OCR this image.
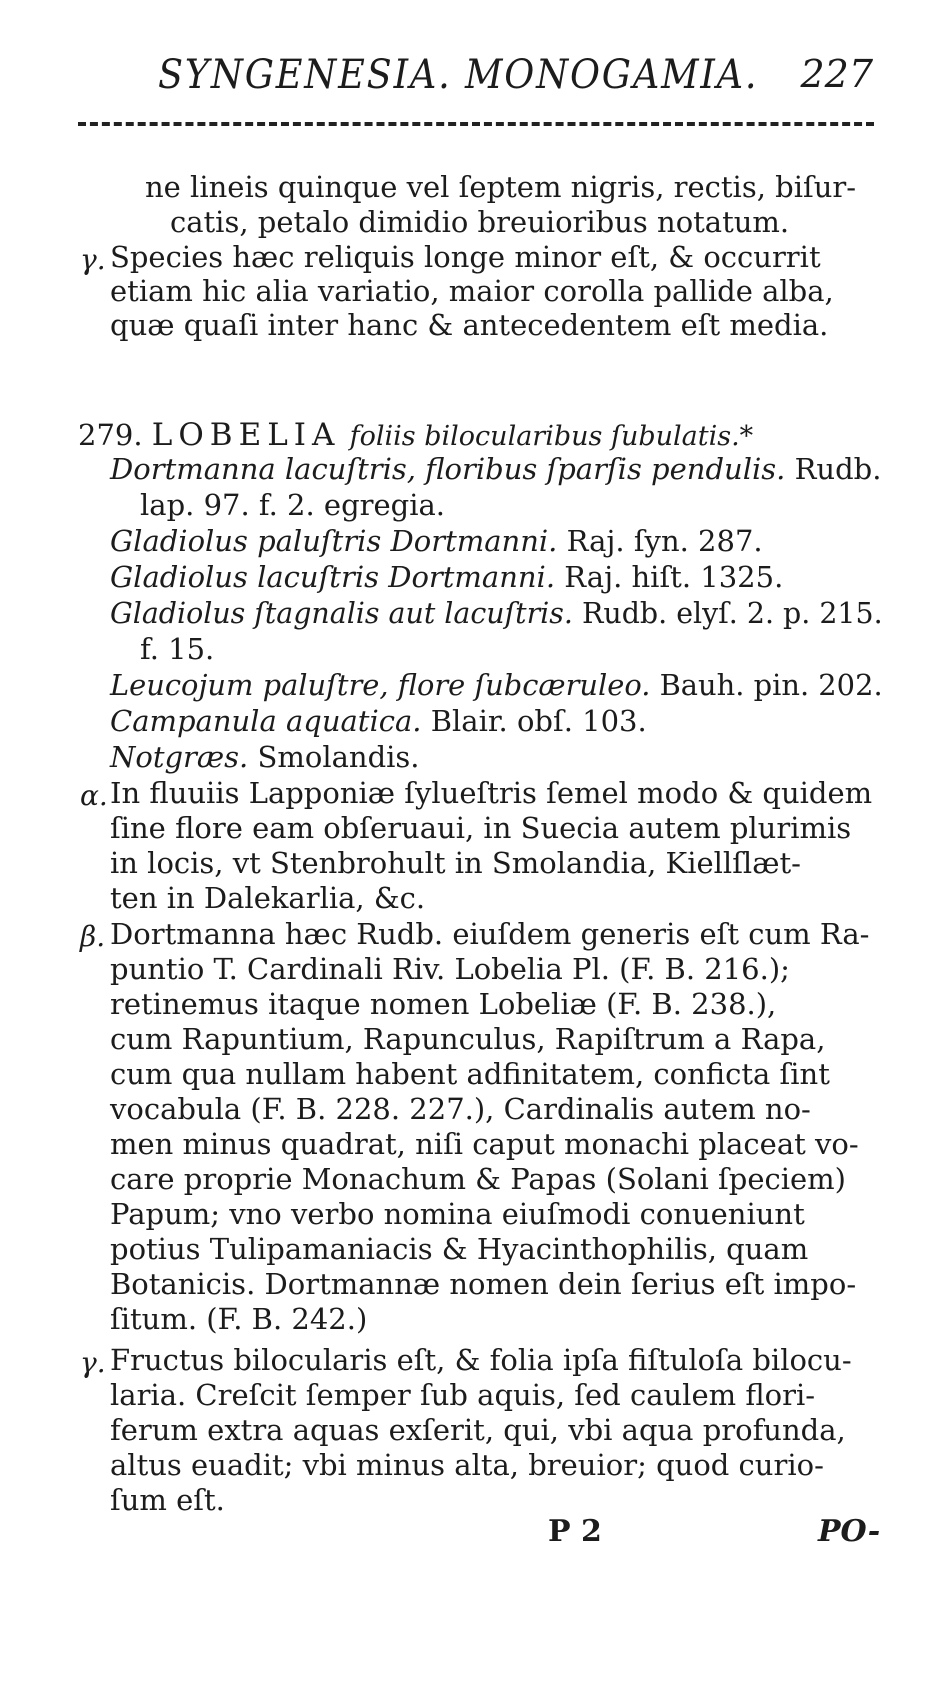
SYNGENESIA. MONOGAMIA. 227
ne lineis quinque vel ſeptem nigris, rectis, biſur-
catis, petalo dimidio breuioribus notatum.
γ. Species hæc reliquis longe minor eſt, & occurrit
etiam hic alia variatio, maior corolla pallide alba,
quæ quaſi inter hanc & antecedentem eſt media.
279. LOBELIA foliis bilocularibus ſubulatis.*
Dortmanna lacuſtris, floribus ſparſis pendulis. Rudb.
lap. 97. f. 2. egregia.
Gladiolus paluſtris Dortmanni. Raj. ſyn. 287.
Gladiolus lacuſtris Dortmanni. Raj. hiſt. 1325.
Gladiolus ſtagnalis aut lacuſtris. Rudb. elyſ. 2. p. 215.
f. 15.
Leucojum paluſtre, flore ſubcæruleo. Bauh. pin. 202.
Campanula aquatica. Blair. obſ. 103.
Notgræs. Smolandis.
α. In fluuiis Lapponiæ ſylueſtris ſemel modo & quidem
ſine flore eam obſeruaui, in Suecia autem plurimis
in locis, vt Stenbrohult in Smolandia, Kiellſlæt-
ten in Dalekarlia, &c.
β. Dortmanna hæc Rudb. eiuſdem generis eſt cum Ra-
puntio T. Cardinali Riv. Lobelia Pl. (F. B. 216.);
retinemus itaque nomen Lobeliæ (F. B. 238.),
cum Rapuntium, Rapunculus, Rapiſtrum a Rapa,
cum qua nullam habent adfinitatem, conficta ſint
vocabula (F. B. 228. 227.), Cardinalis autem no-
men minus quadrat, niſi caput monachi placeat vo-
care proprie Monachum & Papas (Solani ſpeciem)
Papum; vno verbo nomina eiuſmodi conueniunt
potius Tulipamaniacis & Hyacinthophilis, quam
Botanicis. Dortmannæ nomen dein ſerius eſt impo-
ſitum. (F. B. 242.)
γ. Fructus bilocularis eſt, & folia ipſa fiſtuloſa bilocu-
laria. Creſcit ſemper ſub aquis, ſed caulem flori-
ferum extra aquas exſerit, qui, vbi aqua profunda,
altus euadit; vbi minus alta, breuior; quod curio-
ſum eſt.
P 2	PO-
